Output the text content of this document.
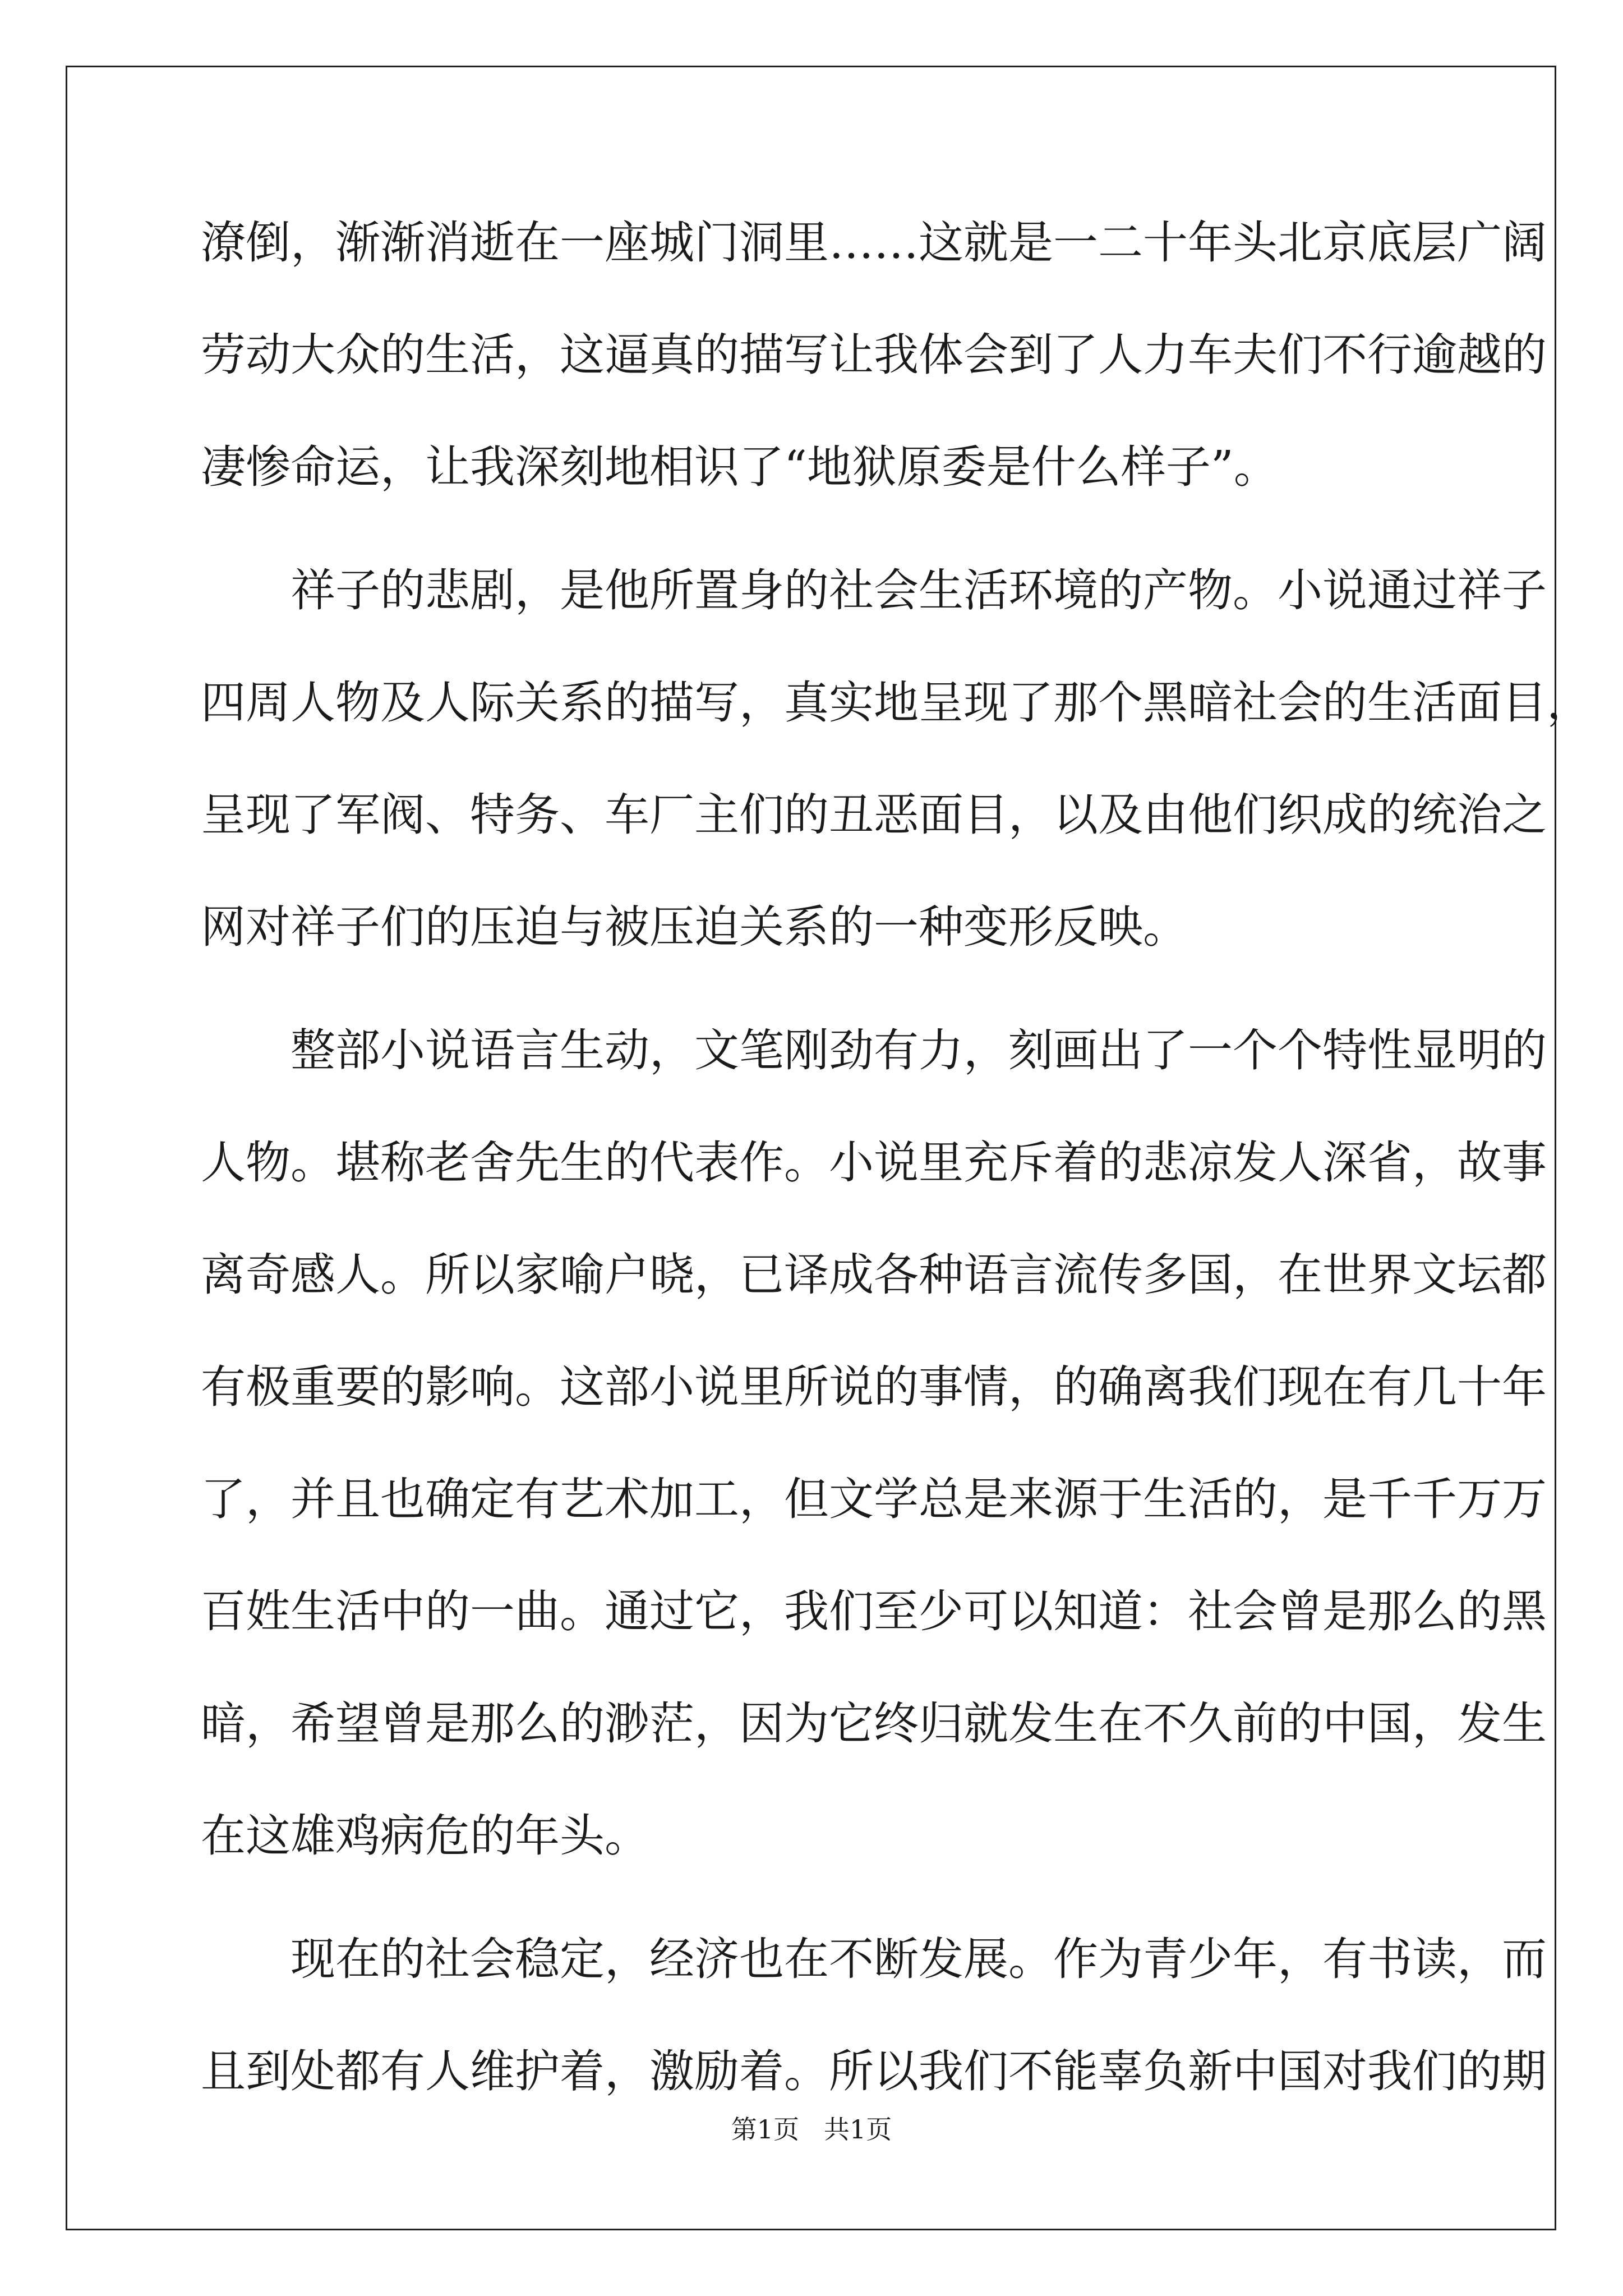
潦倒，渐渐消逝在一座城门洞里……这就是一二十年头北京底层广阔

劳动大众的生活，这逼真的描写让我体会到了人力车夫们不行逾越的

凄惨命运，让我深刻地相识了“地狱原委是什么样子”。

祥子的悲剧，是他所置身的社会生活环境的产物。小说通过祥子

四周人物及人际关系的描写，真实地呈现了那个黑暗社会的生活面目，

呈现了军阀、特务、车厂主们的丑恶面目，以及由他们织成的统治之

网对祥子们的压迫与被压迫关系的一种变形反映。

整部小说语言生动，文笔刚劲有力，刻画出了一个个特性显明的

人物。堪称老舍先生的代表作。小说里充斥着的悲凉发人深省，故事

离奇感人。所以家喻户晓，已译成各种语言流传多国，在世界文坛都

有极重要的影响。这部小说里所说的事情，的确离我们现在有几十年

了，并且也确定有艺术加工，但文学总是来源于生活的，是千千万万

百姓生活中的一曲。通过它，我们至少可以知道：社会曾是那么的黑

暗，希望曾是那么的渺茫，因为它终归就发生在不久前的中国，发生

在这雄鸡病危的年头。

现在的社会稳定，经济也在不断发展。作为青少年，有书读，而

且到处都有人维护着，激励着。所以我们不能辜负新中国对我们的期

第1页   共1页
